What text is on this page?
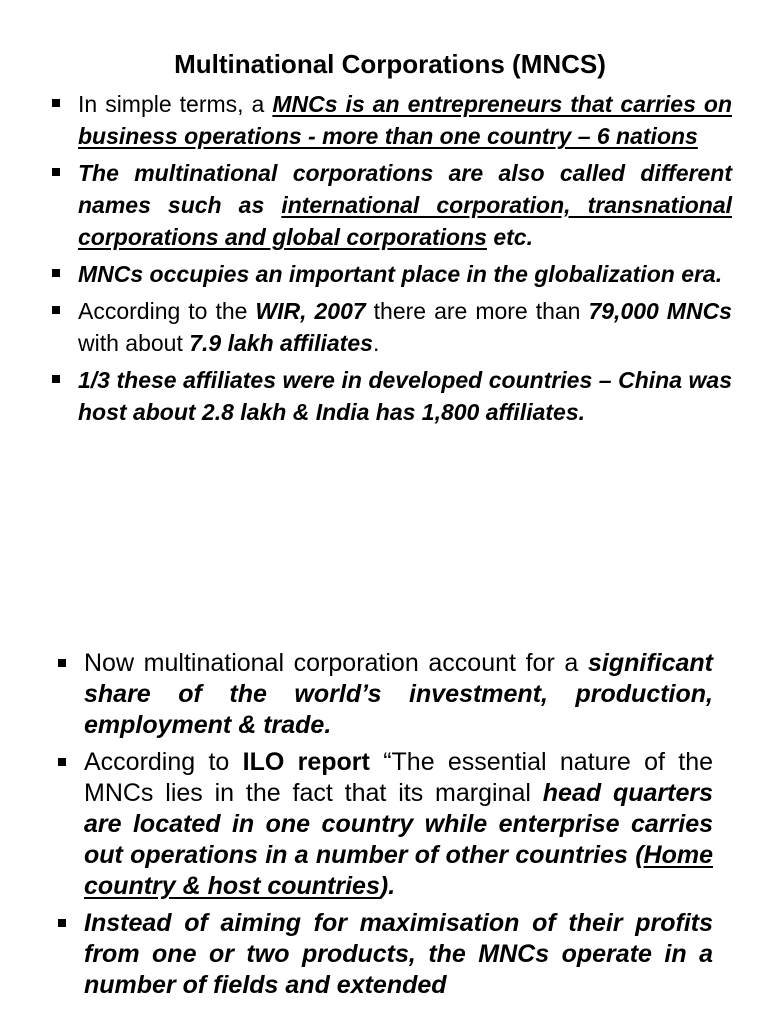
Multinational Corporations (MNCS)
In simple terms, a MNCs is an entrepreneurs that carries on business operations - more than one country – 6 nations
The multinational corporations are also called different names such as international corporation, transnational corporations and global corporations etc.
MNCs occupies an important place in the globalization era.
According to the WIR, 2007 there are more than 79,000 MNCs with about 7.9 lakh affiliates.
1/3 these affiliates were in developed countries – China was host about 2.8 lakh & India has 1,800 affiliates.
Now multinational corporation account for a significant share of the world’s investment, production, employment & trade.
According to ILO report “The essential nature of the MNCs lies in the fact that its marginal head quarters are located in one country while enterprise carries out operations in a number of other countries (Home country & host countries).
Instead of aiming for maximisation of their profits from one or two products, the MNCs operate in a number of fields and extended
